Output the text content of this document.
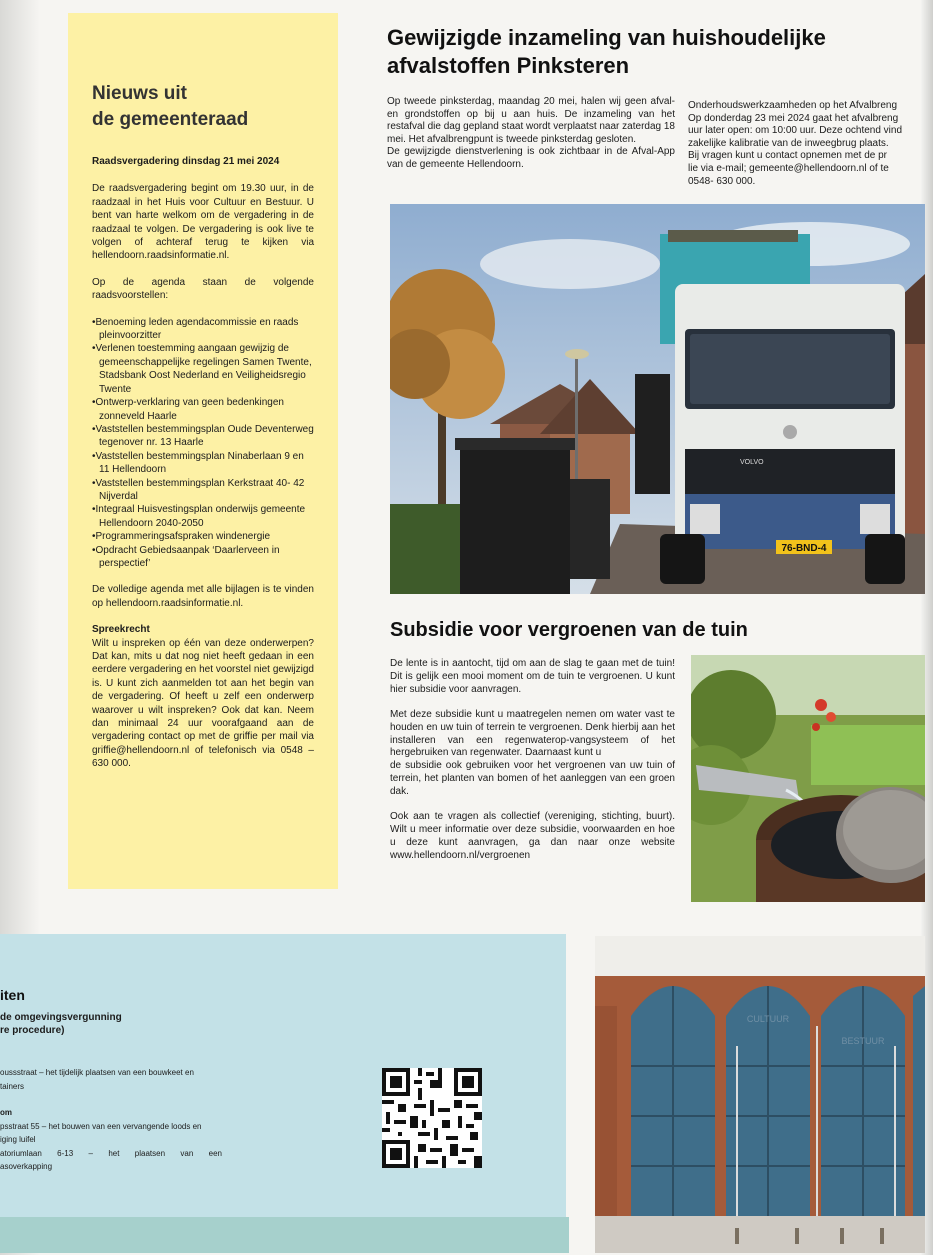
Nieuws uit
de gemeenteraad
Raadsvergadering dinsdag 21 mei 2024

De raadsvergadering begint om 19.30 uur, in de raadzaal in het Huis voor Cultuur en Bestuur. U bent van harte welkom om de vergadering in de raadzaal te volgen. De vergadering is ook live te volgen of achteraf terug te kijken via hellendoorn.raadsinformatie.nl.

Op de agenda staan de volgende raadsvoorstellen:

• Benoeming leden agendacommissie en raads pleinvoorzitter
• Verlenen toestemming aangaan gewijzig de gemeenschappelijke regelingen Samen Twente, Stadsbank Oost Nederland en Veiligheidsregio Twente
• Ontwerp-verklaring van geen bedenkingen zonneveld Haarle
• Vaststellen bestemmingsplan Oude Deventerweg tegenover nr. 13 Haarle
• Vaststellen bestemmingsplan Ninaberlaan 9 en 11 Hellendoorn
• Vaststellen bestemmingsplan Kerkstraat 40- 42 Nijverdal
• Integraal Huisvestingsplan onderwijs gemeente Hellendoorn 2040-2050
• Programmeringsafspraken windenergie
• Opdracht Gebiedsaanpak ‘Daarlerveen in perspectief’

De volledige agenda met alle bijlagen is te vinden op hellendoorn.raadsinformatie.nl.

Spreekrecht

Wilt u inspreken op één van deze onderwerpen? Dat kan, mits u dat nog niet heeft gedaan in een eerdere vergadering en het voorstel niet gewijzigd is. U kunt zich aanmelden tot aan het begin van de vergadering. Of heeft u zelf een onderwerp waarover u wilt inspreken? Ook dat kan. Neem dan minimaal 24 uur voorafgaand aan de vergadering contact op met de griffie per mail via griffie@hellendoorn.nl of telefonisch via 0548 – 630 000.

Gewijzigde inzameling van huishoudelijke afvalstoffen Pinksteren

Op tweede pinksterdag, maandag 20 mei, halen wij geen afval- en grondstoffen op bij u aan huis. De inzameling van het restafval die dag gepland staat wordt verplaatst naar zaterdag 18 mei. Het afvalbrengpunt is tweede pinksterdag gesloten.

De gewijzigde dienstverlening is ook zichtbaar in de Afval-App van de gemeente Hellendoorn.

Onderhoudswerkzaamheden op het Afvalbreng
Op donderdag 23 mei 2024 gaat het afvalbreng
uur later open: om 10:00 uur. Deze ochtend vind
zakelijke kalibratie van de inweegbrug plaats.
Bij vragen kunt u contact opnemen met de pr
lie via e-mail; gemeente@hellendoorn.nl of te
0548- 630 000.
76-BND-4
VOLVO
Subsidie voor vergroenen van de tuin

De lente is in aantocht, tijd om aan de slag te gaan met de tuin! Dit is gelijk een mooi moment om de tuin te vergroenen. U kunt hier subsidie voor aanvragen.

Met deze subsidie kunt u maatregelen nemen om water vast te houden en uw tuin of terrein te vergroenen. Denk hierbij aan het installeren van een regenwaterop-vangsysteem of het hergebruiken van regenwater. Daarnaast kunt u

de subsidie ook gebruiken voor het vergroenen van uw tuin of terrein, het planten van bomen of het aanleggen van een groen dak.

Ook aan te vragen als collectief (vereniging, stichting, buurt). Wilt u meer informatie over deze subsidie, voorwaarden en hoe u deze kunt aanvragen, ga dan naar onze website www.hellendoorn.nl/vergroenen

iten
de omgevingsvergunning
re procedure)
oussstraat – het tijdelijk plaatsen van een bouwkeet en
tainers
om
psstraat 55 – het bouwen van een vervangende loods en
iging luifel
atoriumlaan 6-13 – het plaatsen van een
asoverkapping
CULTUUR
BESTUUR
